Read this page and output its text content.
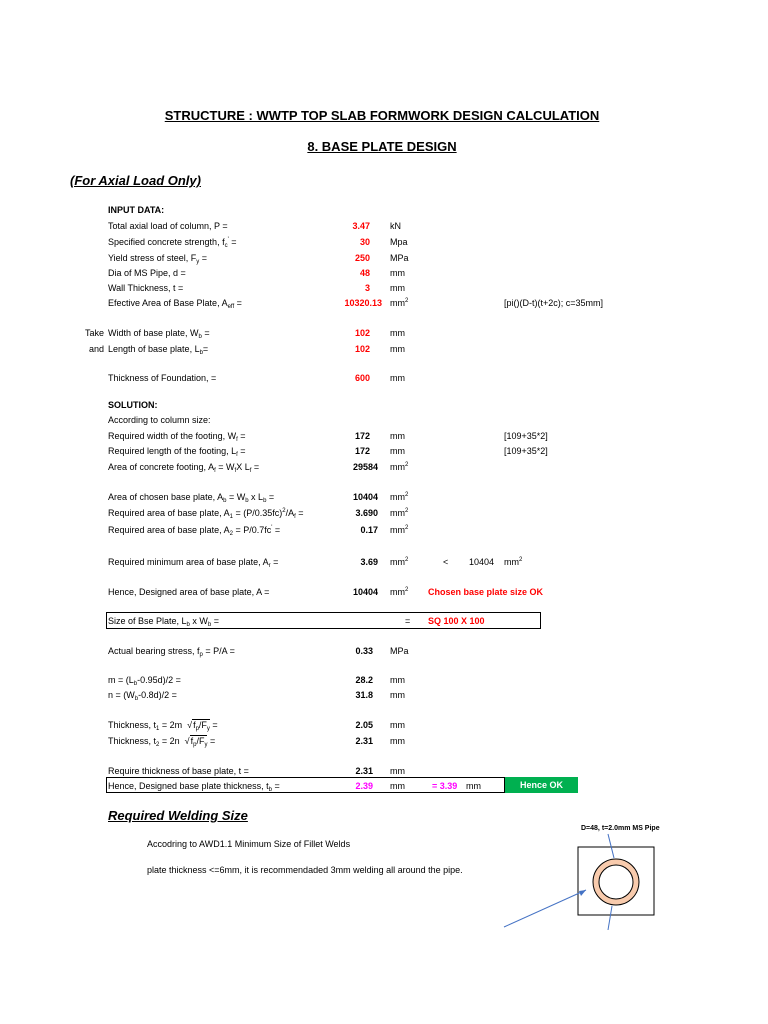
STRUCTURE : WWTP TOP SLAB FORMWORK DESIGN CALCULATION
8. BASE PLATE DESIGN
(For Axial Load Only)
INPUT DATA:
Total axial load of column, P =	3.47 kN
Specified concrete strength, $f_c'$ =	30 Mpa
Yield stress of steel, $F_y$ =	250 MPa
Dia of MS Pipe, d =	48 mm
Wall Thickness, t =	3 mm
Efective Area of Base Plate, $A_{eff}$ =	10320.13 $mm^2$	[pi()(D-t)(t+2c); c=35mm]
Take Width of base plate, $W_b$ =	102 mm
and Length of base plate, $L_b=$	102 mm
Thickness of Foundation, =	600 mm
SOLUTION:
According to column size:
Required width of the footing, $W_f$ =	172 mm	[109+35*2]
Required length of the footing, $L_f$ =	172 mm	[109+35*2]
Area of concrete footing, $A_f = W_fX$ $L_f$ =	29584 $mm^2$
Area of chosen base plate, $A_b = W_b$ x $L_b$ =	10404 $mm^2$
Required area of base plate, $A_1 = (P/0.35fc)^2/A_f$ =	3.690 $mm^2$
Required area of base plate, $A_2 = P/0.7fc'$ =	0.17 $mm^2$
Required minimum area of base plate, $A_r$ =	3.69 $mm^2$	< 10404 $mm^2$
Hence, Designed area of base plate, A =	10404 $mm^2$ Chosen base plate size OK
Size of Bse Plate, $L_b$ x $W_b$ =	= SQ 100 X 100
Actual bearing stress, $f_p = P/A$ =	0.33 MPa
$m = (L_b-0.95d)/2$ =	28.2 mm
$n = (W_b-0.8d)/2$ =	31.8 mm
Thickness, $t_1 = 2m$  $√f_p/F_y$ =	2.05 mm
Thickness, $t_2 = 2n$  $√f_p/F_y$ =	2.31 mm
Require thickness of base plate, t =	2.31 mm
Hence, Designed base plate thickness, $t_b$ =	2.39 mm	= 3.39 mm	Hence OK
Required Welding Size
Accodring to AWD1.1 Minimum Size of Fillet Welds
plate thickness <=6mm, it is recommendaded 3mm welding all around the pipe.
D=48, t=2.0mm MS Pipe
